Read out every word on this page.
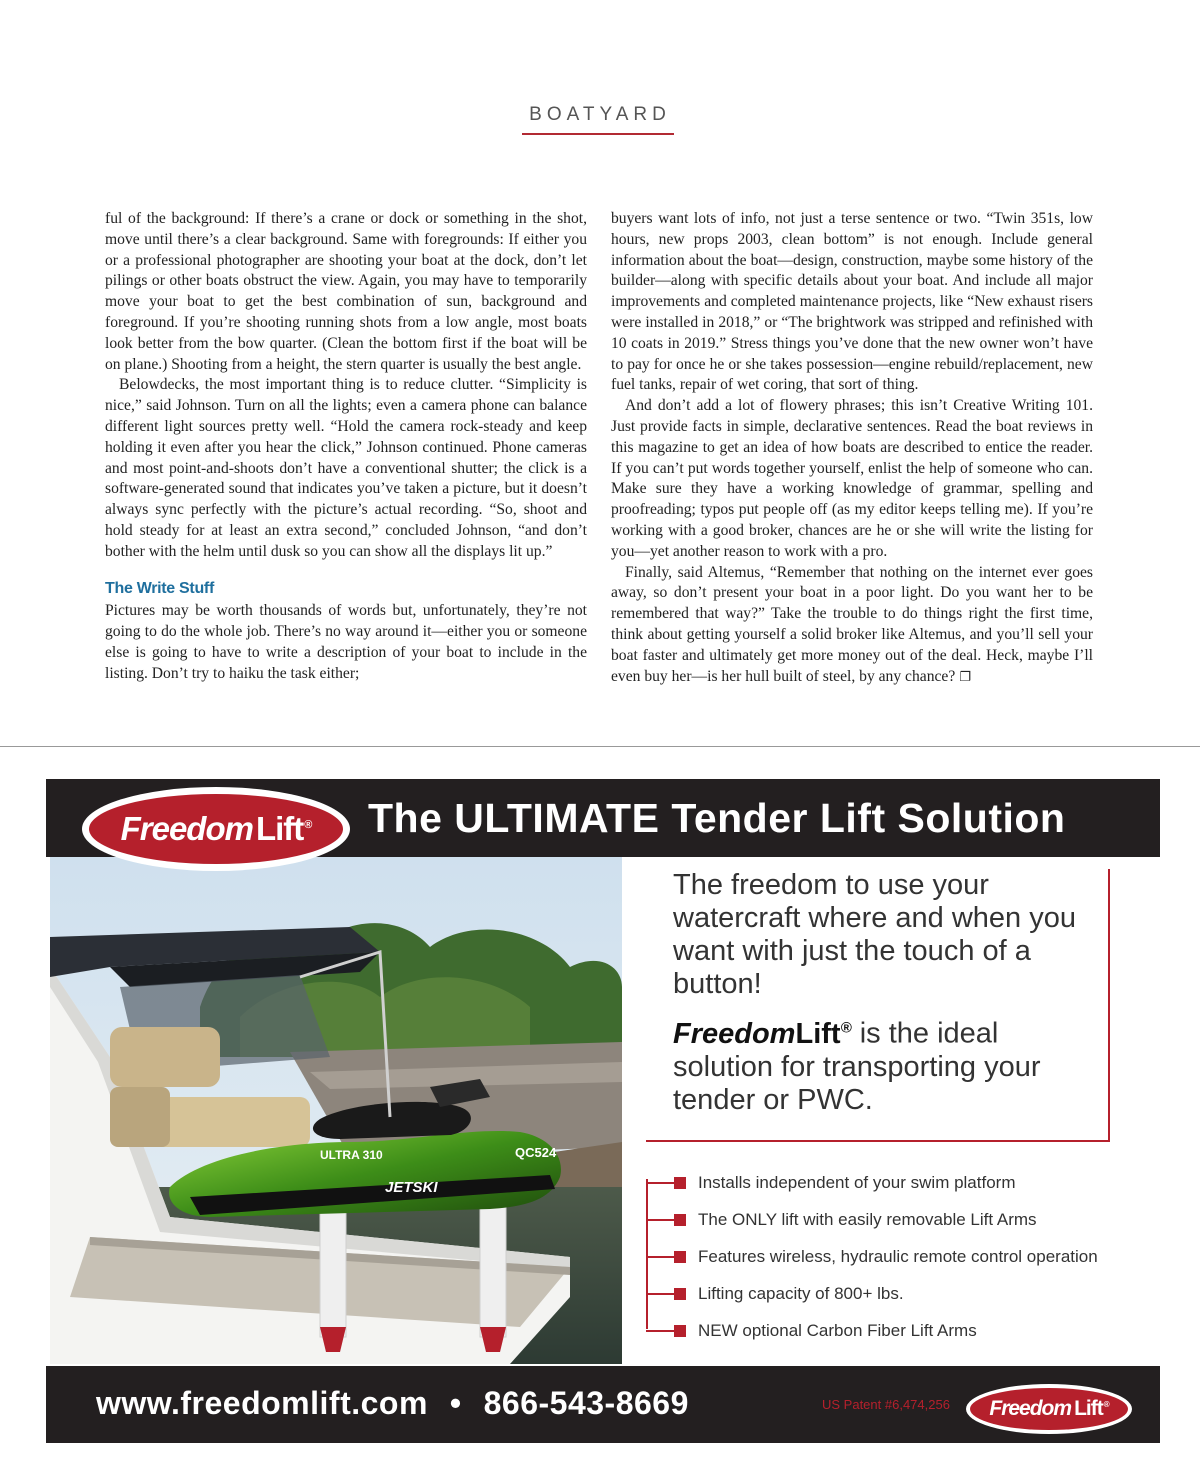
BOATYARD

ful of the background: If there’s a crane or dock or something in the shot, move until there’s a clear background. Same with foregrounds: If either you or a professional photographer are shooting your boat at the dock, don’t let pilings or other boats obstruct the view. Again, you may have to temporarily move your boat to get the best combination of sun, background and foreground. If you’re shooting running shots from a low angle, most boats look better from the bow quarter. (Clean the bottom first if the boat will be on plane.) Shooting from a height, the stern quarter is usually the best angle.

Belowdecks, the most important thing is to reduce clutter. “Simplicity is nice,” said Johnson. Turn on all the lights; even a camera phone can balance different light sources pretty well. “Hold the camera rock-steady and keep holding it even after you hear the click,” Johnson continued. Phone cameras and most point-and-shoots don’t have a conventional shutter; the click is a software-generated sound that indicates you’ve taken a picture, but it doesn’t always sync perfectly with the picture’s actual recording. “So, shoot and hold steady for at least an extra second,” concluded Johnson, “and don’t bother with the helm until dusk so you can show all the displays lit up.”

The Write Stuff

Pictures may be worth thousands of words but, unfortunately, they’re not going to do the whole job. There’s no way around it—either you or someone else is going to have to write a description of your boat to include in the listing. Don’t try to haiku the task either;

buyers want lots of info, not just a terse sentence or two. “Twin 351s, low hours, new props 2003, clean bottom” is not enough. Include general information about the boat—design, construction, maybe some history of the builder—along with specific details about your boat. And include all major improvements and completed maintenance projects, like “New exhaust risers were installed in 2018,” or “The brightwork was stripped and refinished with 10 coats in 2019.” Stress things you’ve done that the new owner won’t have to pay for once he or she takes possession—engine rebuild/replacement, new fuel tanks, repair of wet coring, that sort of thing.

And don’t add a lot of flowery phrases; this isn’t Creative Writing 101. Just provide facts in simple, declarative sentences. Read the boat reviews in this magazine to get an idea of how boats are described to entice the reader. If you can’t put words together yourself, enlist the help of someone who can. Make sure they have a working knowledge of grammar, spelling and proofreading; typos put people off (as my editor keeps telling me). If you’re working with a good broker, chances are he or she will write the listing for you—yet another reason to work with a pro.

Finally, said Altemus, “Remember that nothing on the internet ever goes away, so don’t present your boat in a poor light. Do you want her to be remembered that way?” Take the trouble to do things right the first time, think about getting yourself a solid broker like Altemus, and you’ll sell your boat faster and ultimately get more money out of the deal. Heck, maybe I’ll even buy her—is her hull built of steel, by any chance? ❐

FreedomLift® The ULTIMATE Tender Lift Solution
JETSKI
ULTRA 310	QC524

The freedom to use your watercraft where and when you want with just the touch of a button!

FreedomLift® is the ideal solution for transporting your tender or PWC.

Installs independent of your swim platform
The ONLY lift with easily removable Lift Arms
Features wireless, hydraulic remote control operation
Lifting capacity of 800+ lbs.
NEW optional Carbon Fiber Lift Arms
www.freedomlift.com • 866-543-8669	US Patent #6,474,256 Freedom Lift®
